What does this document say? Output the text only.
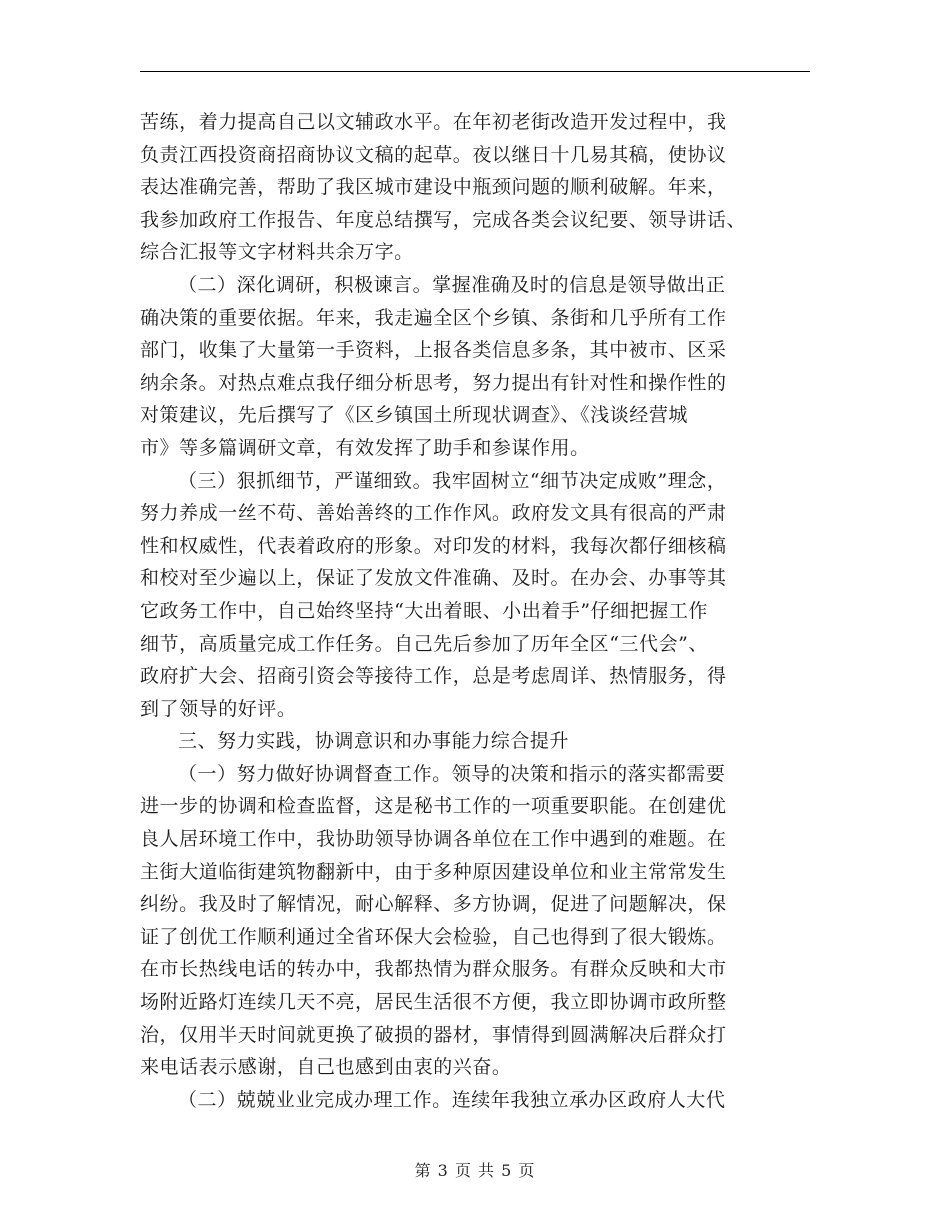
苦练，着力提高自己以文辅政水平。在年初老街改造开发过程中，我
负责江西投资商招商协议文稿的起草。夜以继日十几易其稿，使协议
表达准确完善，帮助了我区城市建设中瓶颈问题的顺利破解。年来，
我参加政府工作报告、年度总结撰写，完成各类会议纪要、领导讲话、
综合汇报等文字材料共余万字。
（二）深化调研，积极谏言。掌握准确及时的信息是领导做出正
确决策的重要依据。年来，我走遍全区个乡镇、条街和几乎所有工作
部门，收集了大量第一手资料，上报各类信息多条，其中被市、区采
纳余条。对热点难点我仔细分析思考，努力提出有针对性和操作性的
对策建议，先后撰写了《区乡镇国土所现状调查》、《浅谈经营城
市》等多篇调研文章，有效发挥了助手和参谋作用。
（三）狠抓细节，严谨细致。我牢固树立“细节决定成败”理念，
努力养成一丝不苟、善始善终的工作作风。政府发文具有很高的严肃
性和权威性，代表着政府的形象。对印发的材料，我每次都仔细核稿
和校对至少遍以上，保证了发放文件准确、及时。在办会、办事等其
它政务工作中，自己始终坚持“大出着眼、小出着手”仔细把握工作
细节，高质量完成工作任务。自己先后参加了历年全区“三代会”、
政府扩大会、招商引资会等接待工作，总是考虑周详、热情服务，得
到了领导的好评。
三、努力实践，协调意识和办事能力综合提升
（一）努力做好协调督查工作。领导的决策和指示的落实都需要
进一步的协调和检查监督，这是秘书工作的一项重要职能。在创建优
良人居环境工作中，我协助领导协调各单位在工作中遇到的难题。在
主街大道临街建筑物翻新中，由于多种原因建设单位和业主常常发生
纠纷。我及时了解情况，耐心解释、多方协调，促进了问题解决，保
证了创优工作顺利通过全省环保大会检验，自己也得到了很大锻炼。
在市长热线电话的转办中，我都热情为群众服务。有群众反映和大市
场附近路灯连续几天不亮，居民生活很不方便，我立即协调市政所整
治，仅用半天时间就更换了破损的器材，事情得到圆满解决后群众打
来电话表示感谢，自己也感到由衷的兴奋。
（二）兢兢业业完成办理工作。连续年我独立承办区政府人大代
第 3 页 共 5 页
